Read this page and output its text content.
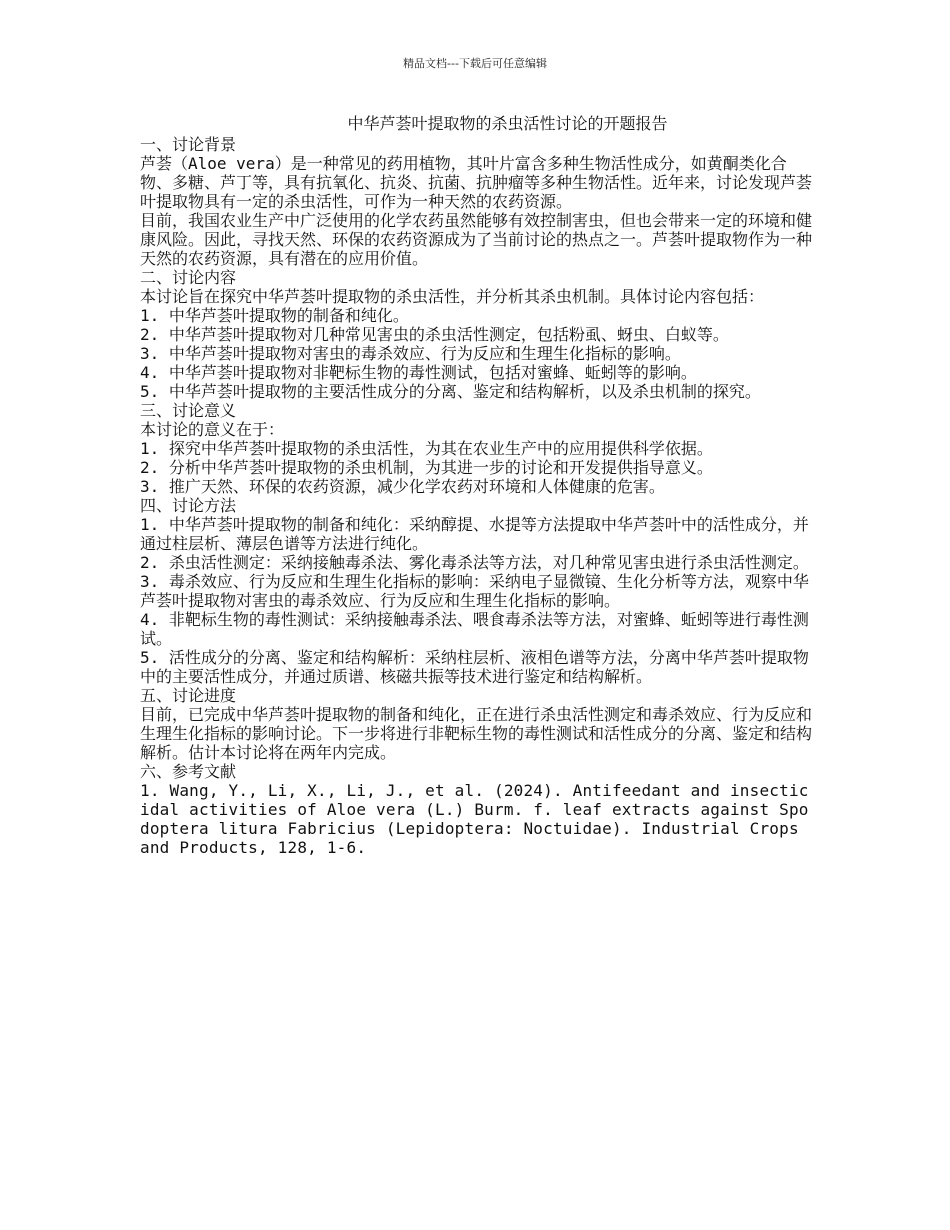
精品文档---下载后可任意编辑
中华芦荟叶提取物的杀虫活性讨论的开题报告
一、讨论背景
芦荟（Aloe vera）是一种常见的药用植物，其叶片富含多种生物活性成分，如黄酮类化合物、多糖、芦丁等，具有抗氧化、抗炎、抗菌、抗肿瘤等多种生物活性。近年来，讨论发现芦荟叶提取物具有一定的杀虫活性，可作为一种天然的农药资源。
目前，我国农业生产中广泛使用的化学农药虽然能够有效控制害虫，但也会带来一定的环境和健康风险。因此，寻找天然、环保的农药资源成为了当前讨论的热点之一。芦荟叶提取物作为一种天然的农药资源，具有潜在的应用价值。
二、讨论内容
本讨论旨在探究中华芦荟叶提取物的杀虫活性，并分析其杀虫机制。具体讨论内容包括：
1. 中华芦荟叶提取物的制备和纯化。
2. 中华芦荟叶提取物对几种常见害虫的杀虫活性测定，包括粉虱、蚜虫、白蚁等。
3. 中华芦荟叶提取物对害虫的毒杀效应、行为反应和生理生化指标的影响。
4. 中华芦荟叶提取物对非靶标生物的毒性测试，包括对蜜蜂、蚯蚓等的影响。
5. 中华芦荟叶提取物的主要活性成分的分离、鉴定和结构解析，以及杀虫机制的探究。
三、讨论意义
本讨论的意义在于：
1. 探究中华芦荟叶提取物的杀虫活性，为其在农业生产中的应用提供科学依据。
2. 分析中华芦荟叶提取物的杀虫机制，为其进一步的讨论和开发提供指导意义。
3. 推广天然、环保的农药资源，减少化学农药对环境和人体健康的危害。
四、讨论方法
1. 中华芦荟叶提取物的制备和纯化：采纳醇提、水提等方法提取中华芦荟叶中的活性成分，并通过柱层析、薄层色谱等方法进行纯化。
2. 杀虫活性测定：采纳接触毒杀法、雾化毒杀法等方法，对几种常见害虫进行杀虫活性测定。
3. 毒杀效应、行为反应和生理生化指标的影响：采纳电子显微镜、生化分析等方法，观察中华芦荟叶提取物对害虫的毒杀效应、行为反应和生理生化指标的影响。
4. 非靶标生物的毒性测试：采纳接触毒杀法、喂食毒杀法等方法，对蜜蜂、蚯蚓等进行毒性测试。
5. 活性成分的分离、鉴定和结构解析：采纳柱层析、液相色谱等方法，分离中华芦荟叶提取物中的主要活性成分，并通过质谱、核磁共振等技术进行鉴定和结构解析。
五、讨论进度
目前，已完成中华芦荟叶提取物的制备和纯化，正在进行杀虫活性测定和毒杀效应、行为反应和生理生化指标的影响讨论。下一步将进行非靶标生物的毒性测试和活性成分的分离、鉴定和结构解析。估计本讨论将在两年内完成。
六、参考文献
1. Wang, Y., Li, X., Li, J., et al. (2024). Antifeedant and insecticidal activities of Aloe vera (L.) Burm. f. leaf extracts against Spodoptera litura Fabricius (Lepidoptera: Noctuidae). Industrial Crops and Products, 128, 1-6.
